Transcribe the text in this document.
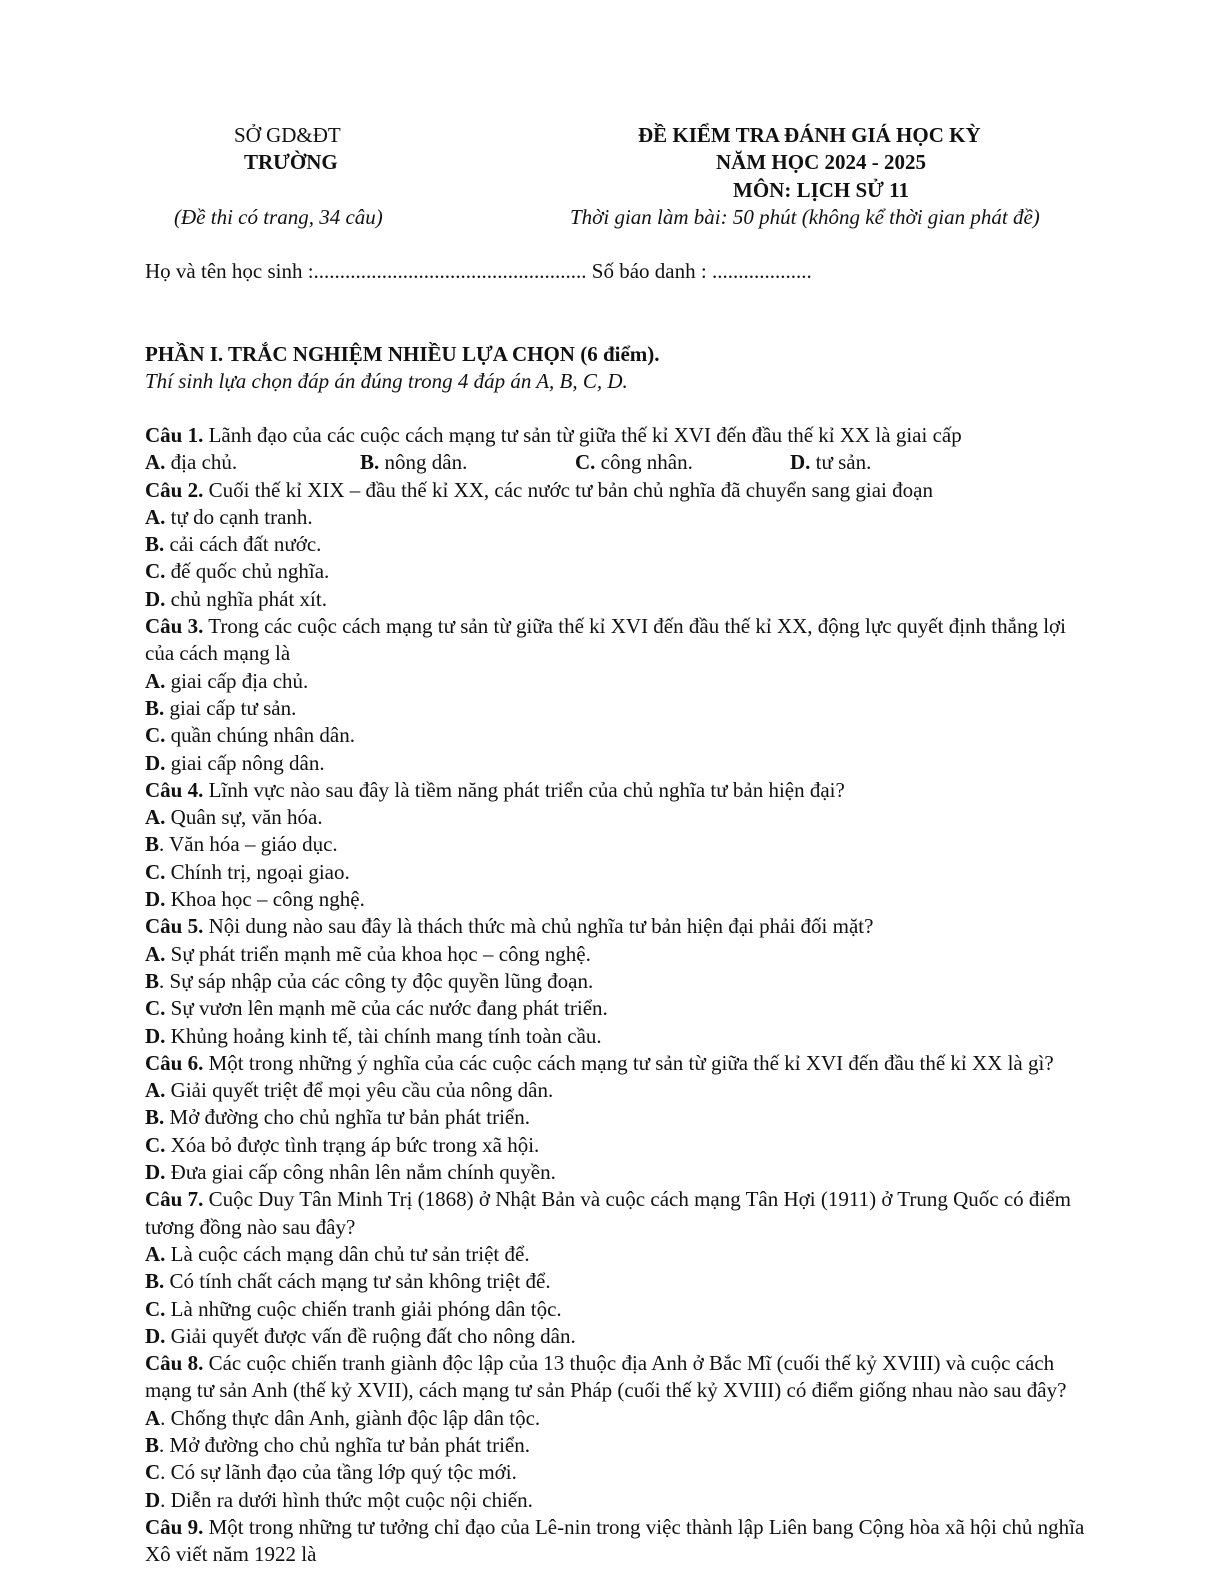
SỞ GD&ĐT
TRƯỜNG
(Đề thi có trang, 34 câu)
ĐỀ KIỂM TRA ĐÁNH GIÁ HỌC KỲ
NĂM HỌC 2024 - 2025
MÔN: LỊCH SỬ 11
Thời gian làm bài: 50 phút (không kể thời gian phát đề)
Họ và tên học sinh :.................................................... Số báo danh : ...................
PHẦN I. TRẮC NGHIỆM NHIỀU LỰA CHỌN (6 điểm).
Thí sinh lựa chọn đáp án đúng trong 4 đáp án A, B, C, D.

Câu 1. Lãnh đạo của các cuộc cách mạng tư sản từ giữa thế kỉ XVI đến đầu thế kỉ XX là giai cấp

A. địa chủ.	B. nông dân.	C. công nhân.	D. tư sản.

Câu 2. Cuối thế kỉ XIX – đầu thế kỉ XX, các nước tư bản chủ nghĩa đã chuyển sang giai đoạn

A. tự do cạnh tranh.
B. cải cách đất nước.
C. đế quốc chủ nghĩa.
D. chủ nghĩa phát xít.

Câu 3. Trong các cuộc cách mạng tư sản từ giữa thế kỉ XVI đến đầu thế kỉ XX, động lực quyết định thắng lợi của cách mạng là

A. giai cấp địa chủ.
B. giai cấp tư sản.
C. quần chúng nhân dân.
D. giai cấp nông dân.

Câu 4. Lĩnh vực nào sau đây là tiềm năng phát triển của chủ nghĩa tư bản hiện đại?

A. Quân sự, văn hóa.
B. Văn hóa – giáo dục.
C. Chính trị, ngoại giao.
D. Khoa học – công nghệ.

Câu 5. Nội dung nào sau đây là thách thức mà chủ nghĩa tư bản hiện đại phải đối mặt?

A. Sự phát triển mạnh mẽ của khoa học – công nghệ.
B. Sự sáp nhập của các công ty độc quyền lũng đoạn.
C. Sự vươn lên mạnh mẽ của các nước đang phát triển.
D. Khủng hoảng kinh tế, tài chính mang tính toàn cầu.

Câu 6. Một trong những ý nghĩa của các cuộc cách mạng tư sản từ giữa thế kỉ XVI đến đầu thế kỉ XX là gì?

A. Giải quyết triệt để mọi yêu cầu của nông dân.
B. Mở đường cho chủ nghĩa tư bản phát triển.
C. Xóa bỏ được tình trạng áp bức trong xã hội.
D. Đưa giai cấp công nhân lên nắm chính quyền.

Câu 7. Cuộc Duy Tân Minh Trị (1868) ở Nhật Bản và cuộc cách mạng Tân Hợi (1911) ở Trung Quốc có điểm tương đồng nào sau đây?

A. Là cuộc cách mạng dân chủ tư sản triệt để.
B. Có tính chất cách mạng tư sản không triệt để.
C. Là những cuộc chiến tranh giải phóng dân tộc.
D. Giải quyết được vấn đề ruộng đất cho nông dân.

Câu 8. Các cuộc chiến tranh giành độc lập của 13 thuộc địa Anh ở Bắc Mĩ (cuối thế kỷ XVIII) và cuộc cách mạng tư sản Anh (thế kỷ XVII), cách mạng tư sản Pháp (cuối thế kỷ XVIII) có điểm giống nhau nào sau đây?

A. Chống thực dân Anh, giành độc lập dân tộc.
B. Mở đường cho chủ nghĩa tư bản phát triển.
C. Có sự lãnh đạo của tầng lớp quý tộc mới.
D. Diễn ra dưới hình thức một cuộc nội chiến.

Câu 9. Một trong những tư tưởng chỉ đạo của Lê-nin trong việc thành lập Liên bang Cộng hòa xã hội chủ nghĩa Xô viết năm 1922 là
